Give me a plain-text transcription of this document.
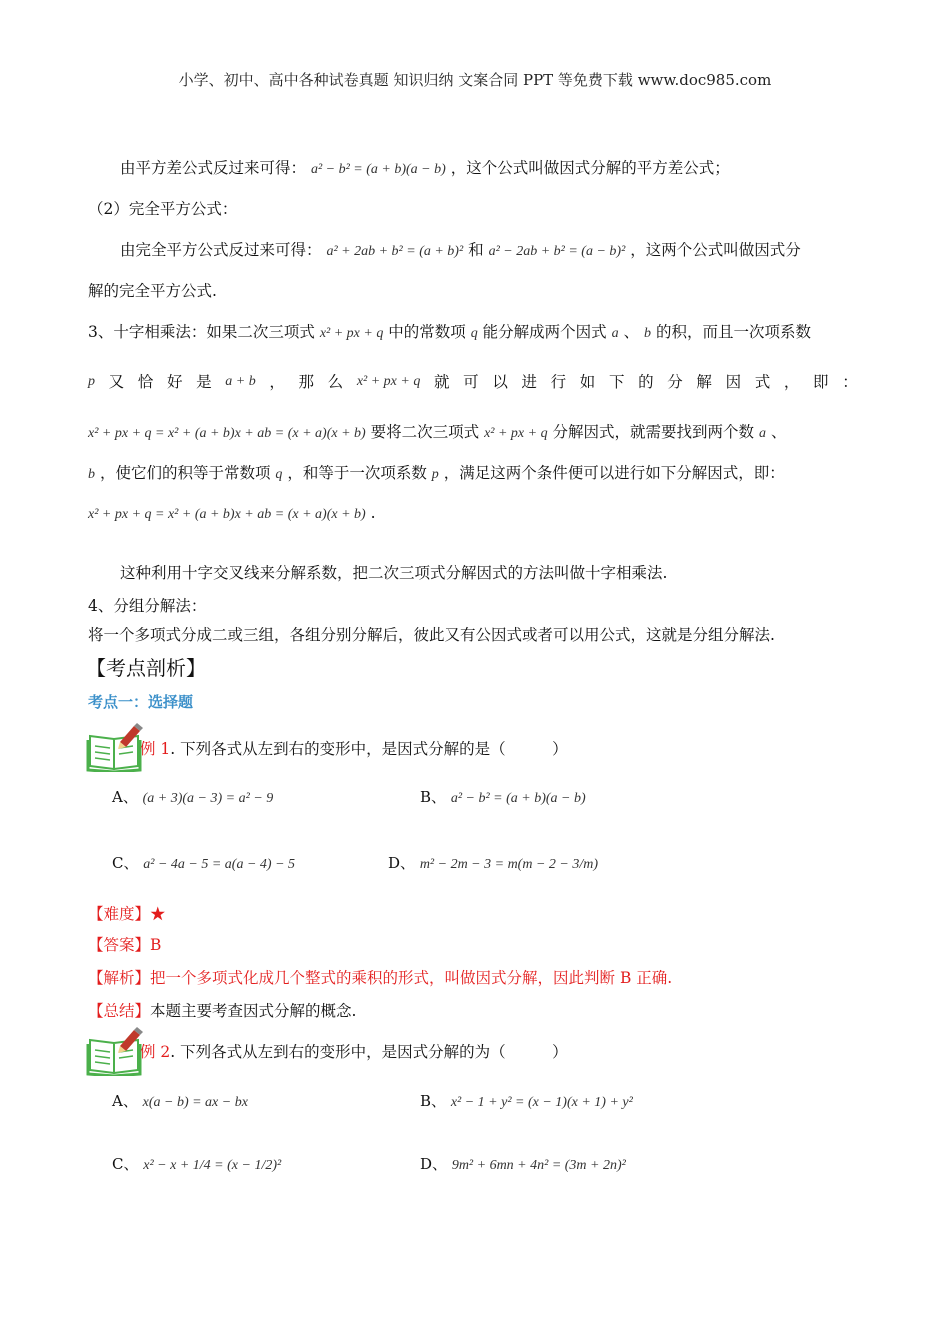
小学、初中、高中各种试卷真题 知识归纳 文案合同 PPT 等免费下载 www.doc985.com
由平方差公式反过来可得： a² − b² = (a + b)(a − b) ，这个公式叫做因式分解的平方差公式；
（2）完全平方公式：
由完全平方公式反过来可得： a² + 2ab + b² = (a + b)² 和 a² − 2ab + b² = (a − b)² ，这两个公式叫做因式分
解的完全平方公式.
3、十字相乘法：如果二次三项式 x² + px + q 中的常数项 q 能分解成两个因式 a 、 b 的积，而且一次项系数
p 又 恰 好 是 a + b ， 那 么 x² + px + q 就 可 以 进 行 如 下 的 分 解 因 式 ， 即 ：
x² + px + q = x² + (a + b)x + ab = (x + a)(x + b) 要将二次三项式 x² + px + q 分解因式，就需要找到两个数 a 、
b ，使它们的积等于常数项 q ，和等于一次项系数 p ，满足这两个条件便可以进行如下分解因式，即：
x² + px + q = x² + (a + b)x + ab = (x + a)(x + b) .
这种利用十字交叉线来分解系数，把二次三项式分解因式的方法叫做十字相乘法.
4、分组分解法：
将一个多项式分成二或三组，各组分别分解后，彼此又有公因式或者可以用公式，这就是分组分解法.
【考点剖析】
考点一：选择题
例 1. 下列各式从左到右的变形中，是因式分解的是（　　　）
A、 (a + 3)(a − 3) = a² − 9	B、 a² − b² = (a + b)(a − b)
C、 a² − 4a − 5 = a(a − 4) − 5	D、 m² − 2m − 3 = m(m − 2 − 3/m)
【难度】★
【答案】B
【解析】把一个多项式化成几个整式的乘积的形式，叫做因式分解，因此判断 B 正确.
【总结】本题主要考查因式分解的概念.
例 2. 下列各式从左到右的变形中，是因式分解的为（　　　）
A、 x(a − b) = ax − bx	B、 x² − 1 + y² = (x − 1)(x + 1) + y²
C、 x² − x + 1/4 = (x − 1/2)²	D、 9m² + 6mn + 4n² = (3m + 2n)²
